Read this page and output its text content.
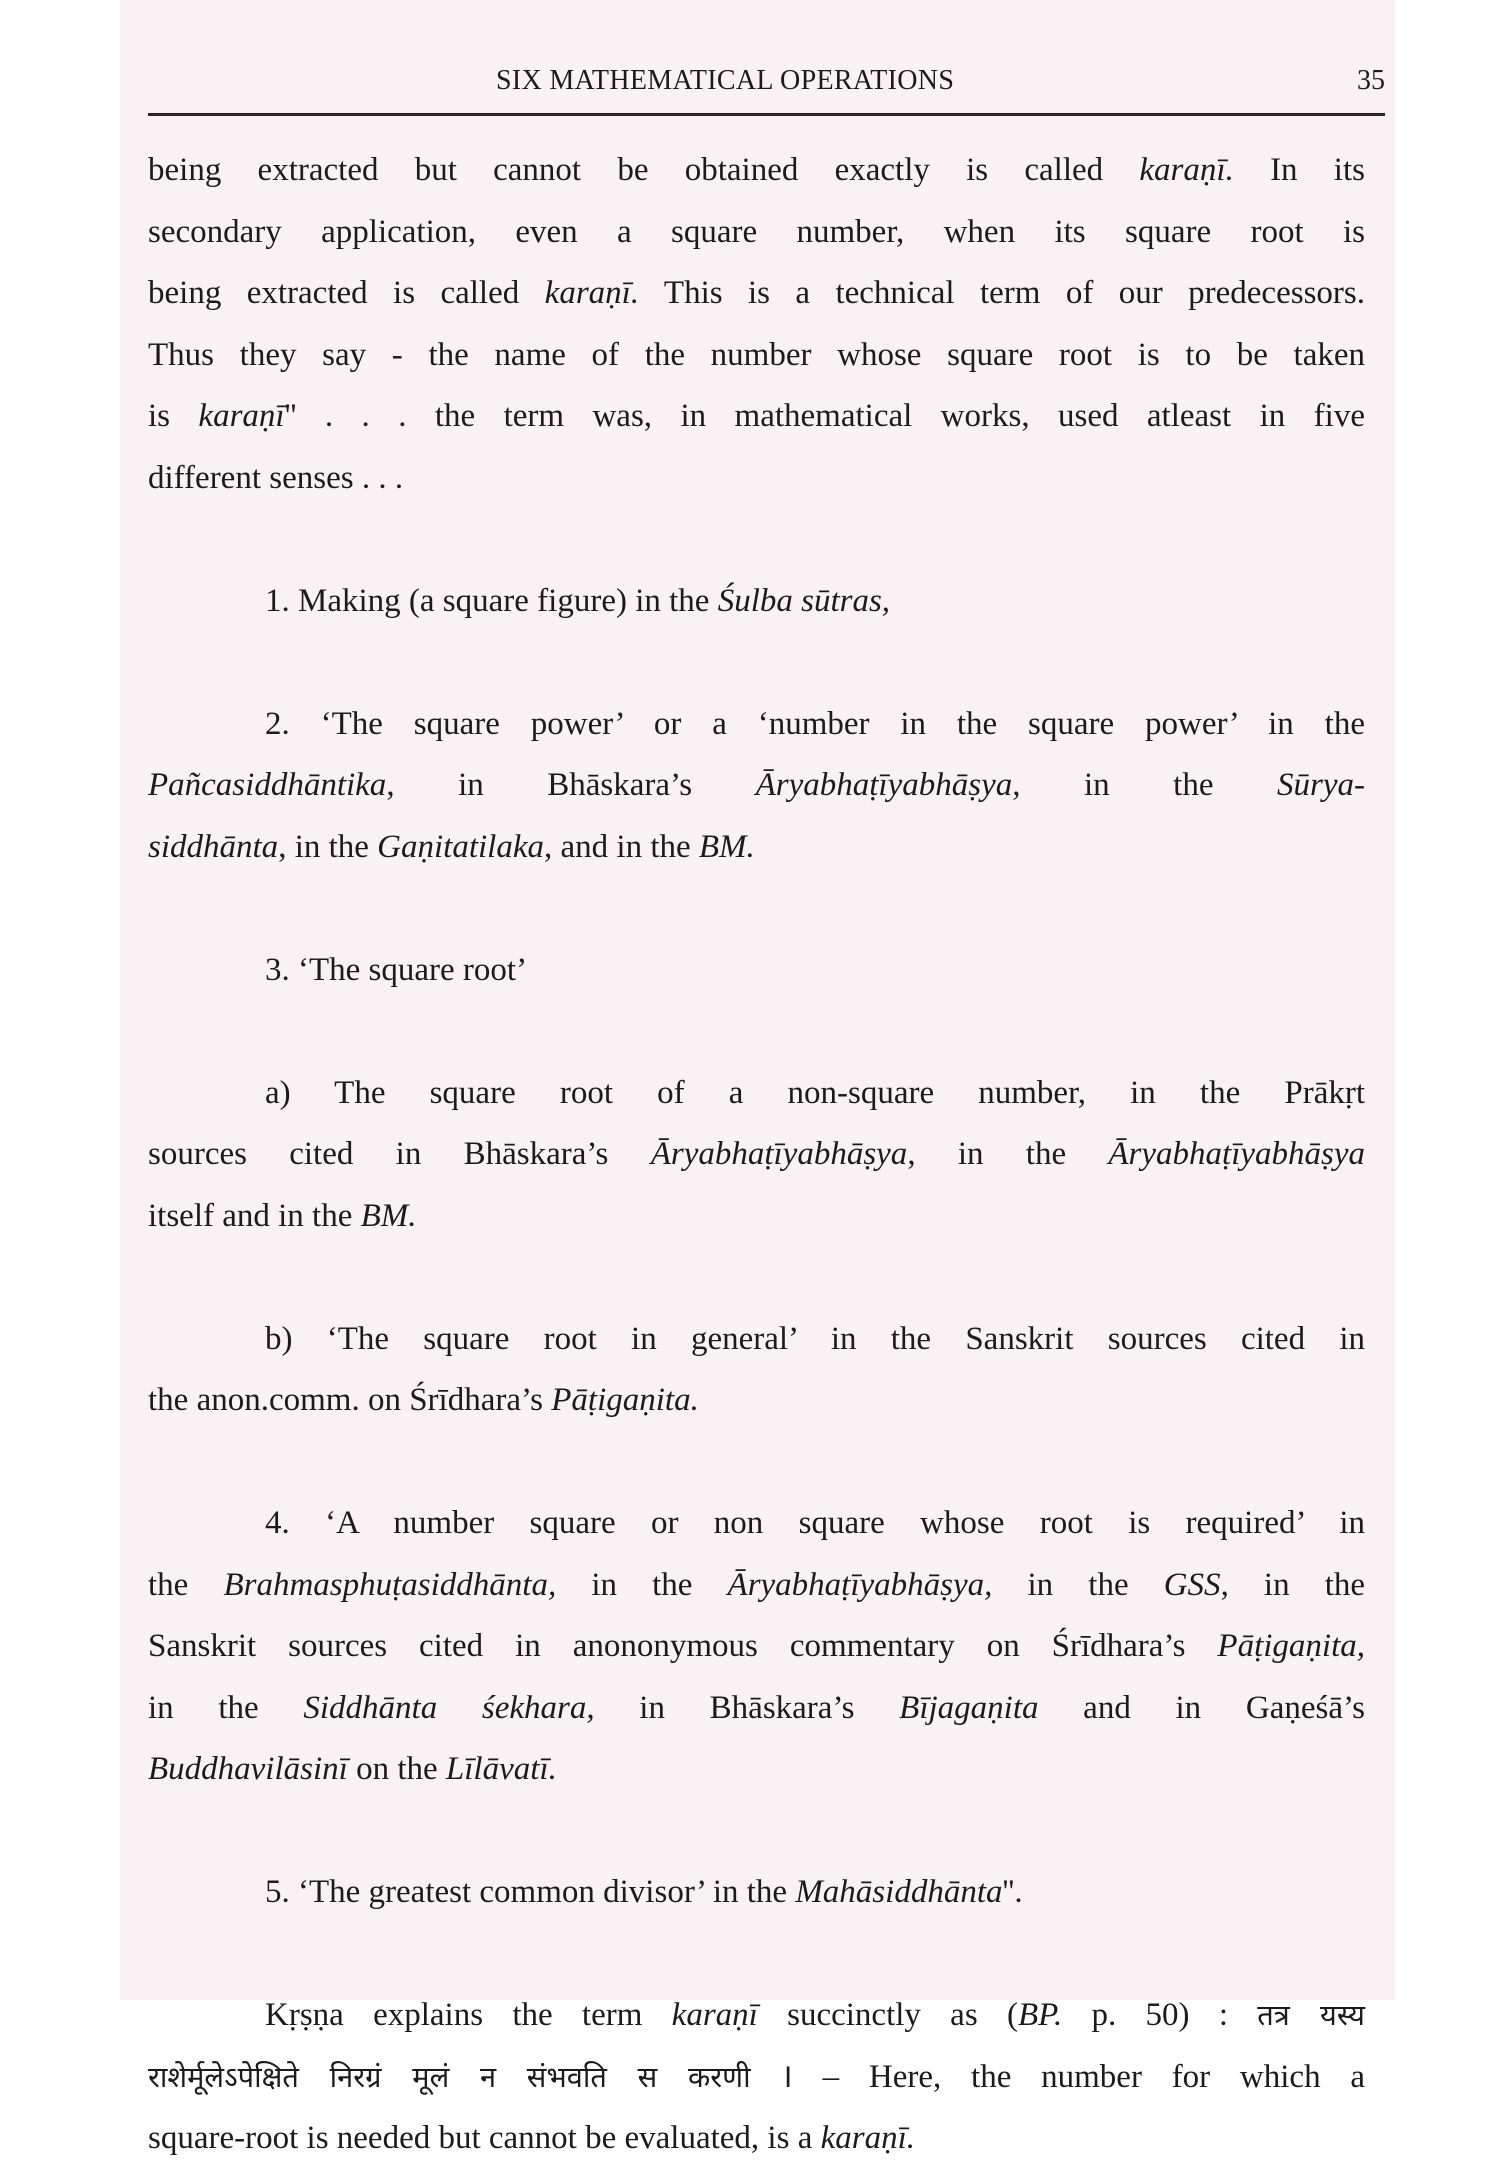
SIX MATHEMATICAL OPERATIONS	35

being extracted but cannot be obtained exactly is called karaṇī. In its

secondary application, even a square number, when its square root is

being extracted is called karaṇī. This is a technical term of our predecessors.

Thus they say - the name of the number whose square root is to be taken

is karaṇī'' . . . the term was, in mathematical works, used atleast in five

different senses . . .

1. Making (a square figure) in the Śulba sūtras,

2. ‘The square power’ or a ‘number in the square power’ in the

Pañcasiddhāntika, in Bhāskara’s Āryabhaṭīyabhāṣya, in the Sūrya-

siddhānta, in the Gaṇitatilaka, and in the BM.

3. ‘The square root’

a) The square root of a non-square number, in the Prākṛt

sources cited in Bhāskara’s Āryabhaṭīyabhāṣya, in the Āryabhaṭīyabhāṣya

itself and in the BM.

b) ‘The square root in general’ in the Sanskrit sources cited in

the anon.comm. on Śrīdhara’s Pāṭigaṇita.

4. ‘A number square or non square whose root is required’ in

the Brahmasphuṭasiddhānta, in the Āryabhaṭīyabhāṣya, in the GSS, in the

Sanskrit sources cited in anononymous commentary on Śrīdhara’s Pāṭigaṇita,

in the Siddhānta śekhara, in Bhāskara’s Bījagaṇita and in Gaṇeśā’s

Buddhavilāsinī on the Līlāvatī.

5. ‘The greatest common divisor’ in the Mahāsiddhānta''.

Kṛṣṇa explains the term karaṇī succinctly as (BP. p. 50) : तत्र यस्य

राशेर्मूलेऽपेक्षिते निरग्रं मूलं न संभवति स करणी । – Here, the number for which a

square-root is needed but cannot be evaluated, is a karaṇī.
